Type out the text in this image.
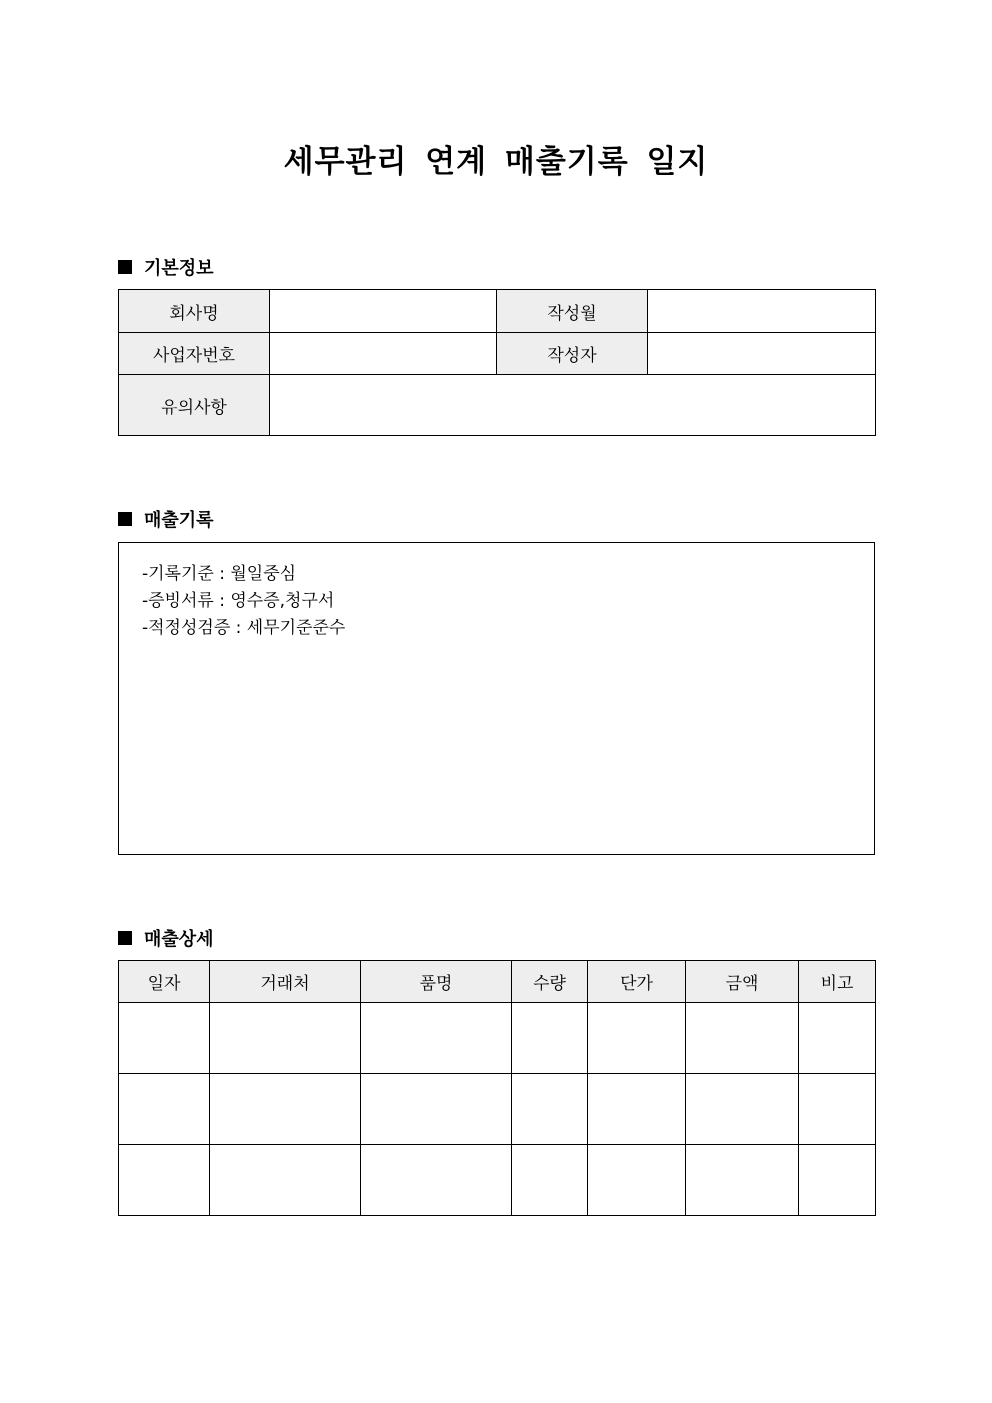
세무관리 연계 매출기록 일지
기본정보
회사명		작성월	
사업자번호		작성자	
유의사항			
매출기록
-기록기준 : 월일중심
-증빙서류 : 영수증,청구서
-적정성검증 : 세무기준준수
매출상세
일자	거래처	품명	수량	단가	금액	비고
